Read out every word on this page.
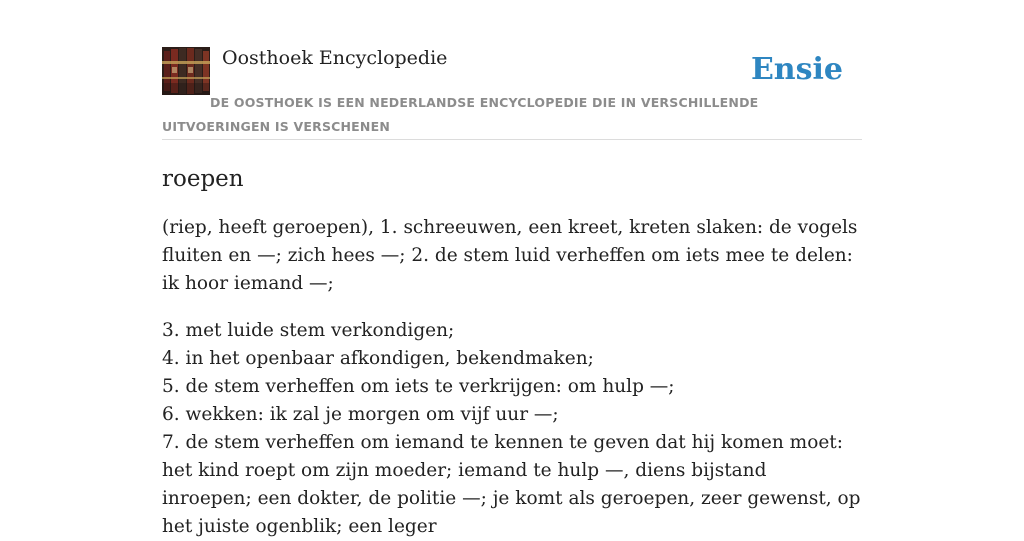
Oosthoek Encyclopedie	Ensie
DE OOSTHOEK IS EEN NEDERLANDSE ENCYCLOPEDIE DIE IN VERSCHILLENDE UITVOERINGEN IS VERSCHENEN
roepen

(riep, heeft geroepen), 1. schreeuwen, een kreet, kreten slaken: de vogels fluiten en —; zich hees —; 2. de stem luid verheffen om iets mee te delen: ik hoor iemand —;

3. met luide stem verkondigen;
4. in het openbaar afkondigen, bekendmaken;
5. de stem verheffen om iets te verkrijgen: om hulp —;
6. wekken: ik zal je morgen om vijf uur —;
7. de stem verheffen om iemand te kennen te geven dat hij komen moet: het kind roept om zijn moeder; iemand te hulp —, diens bijstand inroepen; een dokter, de politie —; je komt als geroepen, zeer gewenst, op het juiste ogenblik; een leger
